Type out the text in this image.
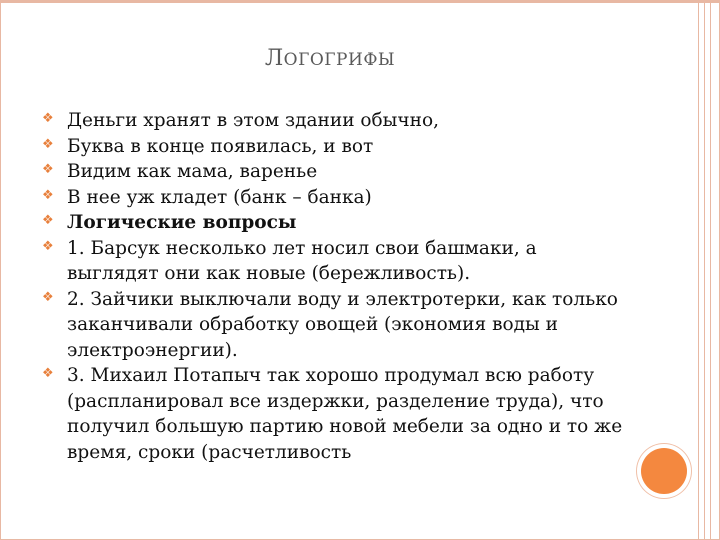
ЛОГОГРИФЫ
❖ Деньги хранят в этом здании обычно,
❖ Буква в конце появилась, и вот
❖ Видим как мама, варенье
❖ В нее уж кладет (банк – банка)
❖ Логические вопросы
❖ 1. Барсук несколько лет носил свои башмаки, а выглядят они как новые (бережливость).
❖ 2. Зайчики выключали воду и электротерки, как только заканчивали обработку овощей (экономия воды и электроэнергии).
❖ 3. Михаил Потапыч так хорошо продумал всю работу (распланировал все издержки, разделение труда), что получил большую партию новой мебели за одно и то же время, сроки (расчетливость
